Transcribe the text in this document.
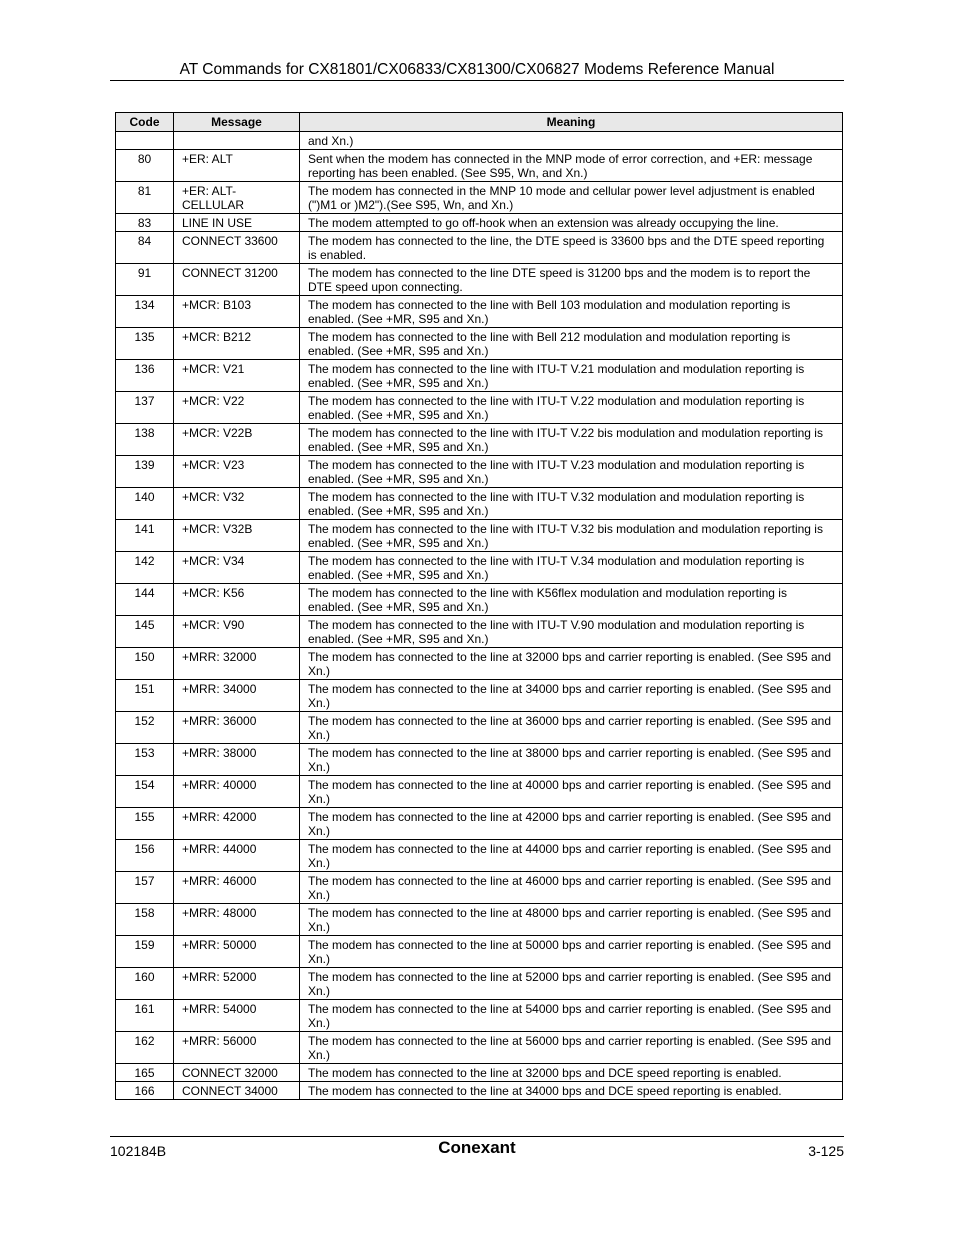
AT Commands for CX81801/CX06833/CX81300/CX06827 Modems Reference Manual
Code	Message	Meaning
		and Xn.)
80	+ER: ALT	Sent when the modem has connected in the MNP mode of error correction, and +ER: message reporting has been enabled. (See S95, Wn, and Xn.)
81	+ER: ALT-CELLULAR	The modem has connected in the MNP 10 mode and cellular power level adjustment is enabled (")M1 or )M2").(See S95, Wn, and Xn.)
83	LINE IN USE	The modem attempted to go off-hook when an extension was already occupying the line.
84	CONNECT 33600	The modem has connected to the line, the DTE speed is 33600 bps and the DTE speed reporting is enabled.
91	CONNECT 31200	The modem has connected to the line DTE speed is 31200 bps and the modem is to report the DTE speed upon connecting.
134	+MCR: B103	The modem has connected to the line with Bell 103 modulation and modulation reporting is enabled. (See +MR, S95 and Xn.)
135	+MCR: B212	The modem has connected to the line with Bell 212 modulation and modulation reporting is enabled. (See +MR, S95 and Xn.)
136	+MCR: V21	The modem has connected to the line with ITU-T V.21 modulation and modulation reporting is enabled. (See +MR, S95 and Xn.)
137	+MCR: V22	The modem has connected to the line with ITU-T V.22 modulation and modulation reporting is enabled. (See +MR, S95 and Xn.)
138	+MCR: V22B	The modem has connected to the line with ITU-T V.22 bis modulation and modulation reporting is enabled. (See +MR, S95 and Xn.)
139	+MCR: V23	The modem has connected to the line with ITU-T V.23 modulation and modulation reporting is enabled. (See +MR, S95 and Xn.)
140	+MCR: V32	The modem has connected to the line with ITU-T V.32 modulation and modulation reporting is enabled. (See +MR, S95 and Xn.)
141	+MCR: V32B	The modem has connected to the line with ITU-T V.32 bis modulation and modulation reporting is enabled. (See +MR, S95 and Xn.)
142	+MCR: V34	The modem has connected to the line with ITU-T V.34 modulation and modulation reporting is enabled. (See +MR, S95 and Xn.)
144	+MCR: K56	The modem has connected to the line with K56flex modulation and modulation reporting is enabled. (See +MR, S95 and Xn.)
145	+MCR: V90	The modem has connected to the line with ITU-T V.90 modulation and modulation reporting is enabled. (See +MR, S95 and Xn.)
150	+MRR: 32000	The modem has connected to the line at 32000 bps and carrier reporting is enabled. (See S95 and Xn.)
151	+MRR: 34000	The modem has connected to the line at 34000 bps and carrier reporting is enabled. (See S95 and Xn.)
152	+MRR: 36000	The modem has connected to the line at 36000 bps and carrier reporting is enabled. (See S95 and Xn.)
153	+MRR: 38000	The modem has connected to the line at 38000 bps and carrier reporting is enabled. (See S95 and Xn.)
154	+MRR: 40000	The modem has connected to the line at 40000 bps and carrier reporting is enabled. (See S95 and Xn.)
155	+MRR: 42000	The modem has connected to the line at 42000 bps and carrier reporting is enabled. (See S95 and Xn.)
156	+MRR: 44000	The modem has connected to the line at 44000 bps and carrier reporting is enabled. (See S95 and Xn.)
157	+MRR: 46000	The modem has connected to the line at 46000 bps and carrier reporting is enabled. (See S95 and Xn.)
158	+MRR: 48000	The modem has connected to the line at 48000 bps and carrier reporting is enabled. (See S95 and Xn.)
159	+MRR: 50000	The modem has connected to the line at 50000 bps and carrier reporting is enabled. (See S95 and Xn.)
160	+MRR: 52000	The modem has connected to the line at 52000 bps and carrier reporting is enabled. (See S95 and Xn.)
161	+MRR: 54000	The modem has connected to the line at 54000 bps and carrier reporting is enabled. (See S95 and Xn.)
162	+MRR: 56000	The modem has connected to the line at 56000 bps and carrier reporting is enabled. (See S95 and Xn.)
165	CONNECT 32000	The modem has connected to the line at 32000 bps and DCE speed reporting is enabled.
166	CONNECT 34000	The modem has connected to the line at 34000 bps and DCE speed reporting is enabled.
102184B	Conexant	3-125
